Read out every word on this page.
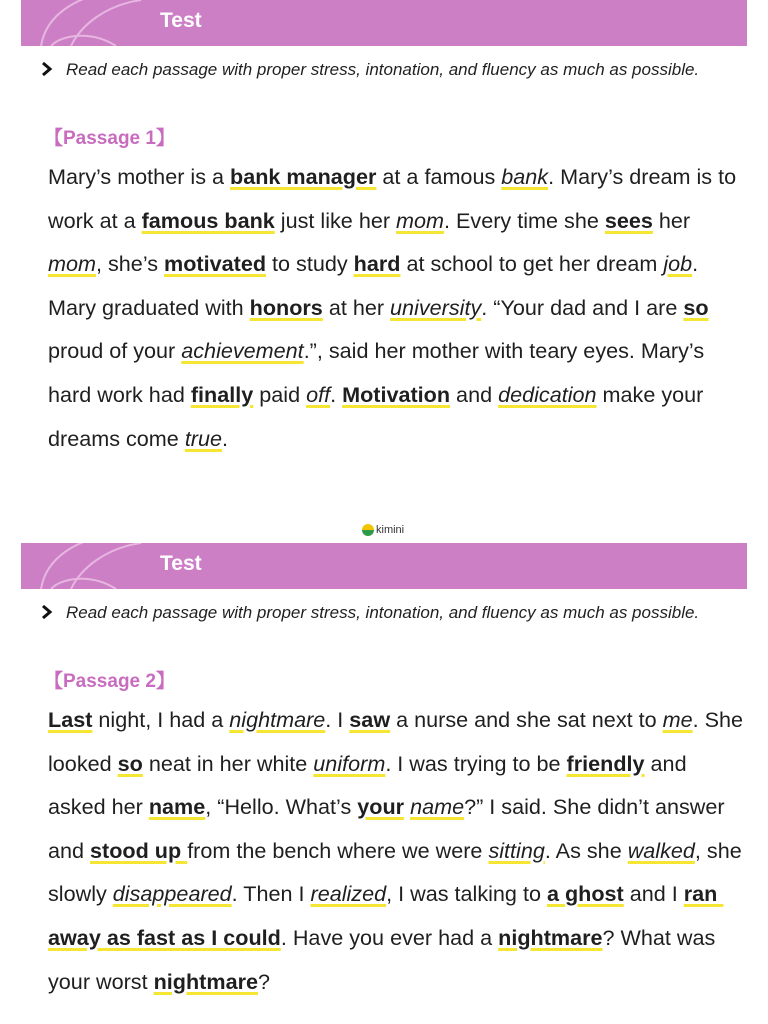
Test
Read each passage with proper stress, intonation, and fluency as much as possible.
【Passage 1】
Mary’s mother is a bank manager at a famous bank. Mary’s dream is to work at a famous bank just like her mom. Every time she sees her mom, she’s motivated to study hard at school to get her dream job. Mary graduated with honors at her university. “Your dad and I are so proud of your achievement.”, said her mother with teary eyes. Mary’s hard work had finally paid off. Motivation and dedication make your dreams come true.
kimini
Test
Read each passage with proper stress, intonation, and fluency as much as possible.
【Passage 2】
Last night, I had a nightmare. I saw a nurse and she sat next to me. She looked so neat in her white uniform. I was trying to be friendly and asked her name, “Hello. What’s your name?” I said. She didn’t answer and stood up from the bench where we were sitting. As she walked, she slowly disappeared. Then I realized, I was talking to a ghost and I ran away as fast as I could. Have you ever had a nightmare? What was your worst nightmare?
